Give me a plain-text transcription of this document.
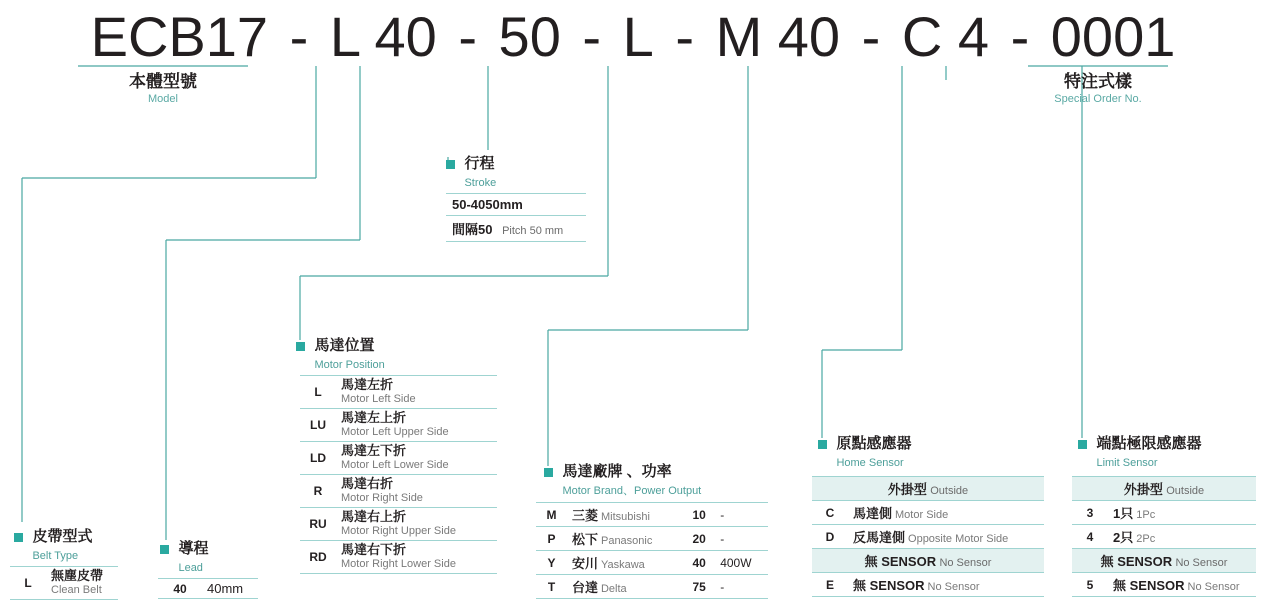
ECB17 - L 40 - 50 - L - M 40 - C 4 - 0001
本體型號
Model
特注式樣
Special Order No.
行程
Stroke
50-4050mm
間隔50 Pitch 50 mm
馬達位置
Motor Position
L	馬達左折
Motor Left Side

LU	馬達左上折
Motor Left Upper Side

LD	馬達左下折
Motor Left Lower Side

R	馬達右折
Motor Right Side

RU	馬達右上折
Motor Right Upper Side

RD	馬達右下折
Motor Right Lower Side
馬達廠牌 、功率
Motor Brand、Power Output
M	三菱 Mitsubishi	10	-
P	松下 Panasonic	20	-
Y	安川 Yaskawa	40	400W
T	台達 Delta	75	-
皮帶型式
Belt Type
L	無塵皮帶
Clean Belt
導程
Lead
40	40mm
原點感應器
Home Sensor
外掛型 Outside	
C	馬達側 Motor Side
D	反馬達側 Opposite Motor Side
無 SENSOR No Sensor	
E	無 SENSOR No Sensor
端點極限感應器
Limit Sensor
外掛型 Outside	
3	1只 1Pc
4	2只 2Pc
無 SENSOR No Sensor	
5	無 SENSOR No Sensor
